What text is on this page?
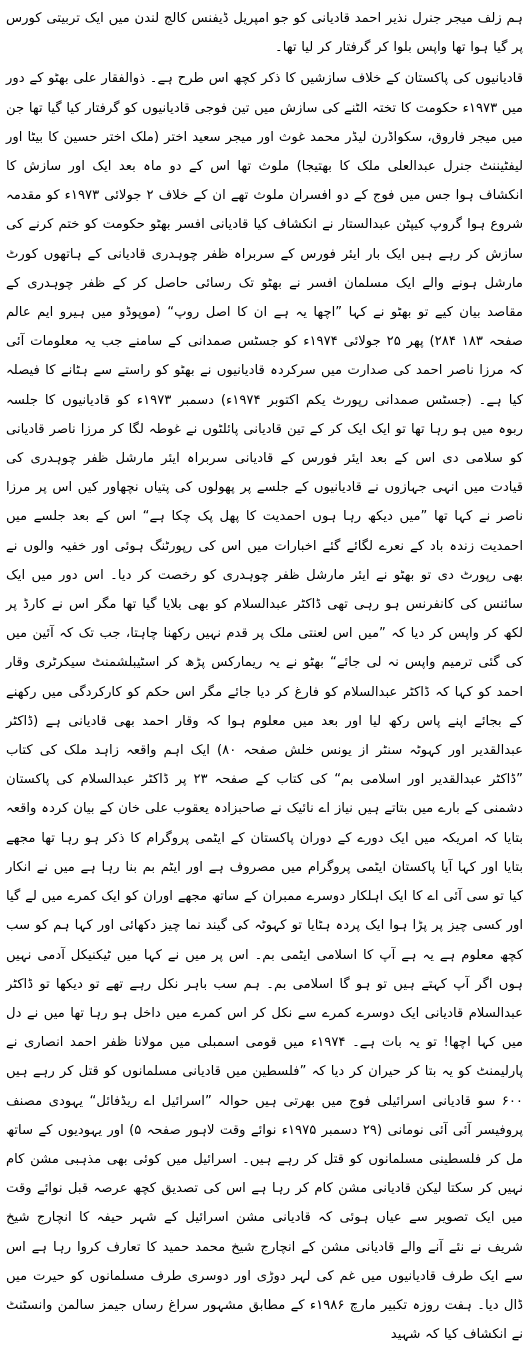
ہم زلف میجر جنرل نذیر احمد قادیانی کو جو امپریل ڈیفنس کالج لندن میں ایک تربیتی کورس پر گیا ہوا تھا واپس بلوا کر گرفتار کر لیا تھا۔

قادیانیوں کی پاکستان کے خلاف سازشیں کا ذکر کچھ اس طرح ہے۔ ذوالفقار علی بھٹو کے دور میں ۱۹۷۳ء حکومت کا تختہ الٹنے کی سازش میں تین فوجی قادیانیوں کو گرفتار کیا گیا تھا جن میں میجر فاروق، سکواڈرن لیڈر محمد غوث اور میجر سعید اختر (ملک اختر حسین کا بیٹا اور لیفٹیننٹ جنرل عبدالعلی ملک کا بھتیجا) ملوث تھا اس کے دو ماہ بعد ایک اور سازش کا انکشاف ہوا جس میں فوج کے دو افسران ملوث تھے ان کے خلاف ۲ جولائی ۱۹۷۳ء کو مقدمہ شروع ہوا گروپ کیپٹن عبدالستار نے انکشاف کیا قادیانی افسر بھٹو حکومت کو ختم کرنے کی سازش کر رہے ہیں ایک بار ایئر فورس کے سربراہ ظفر چوہدری قادیانی کے ہاتھوں کورٹ مارشل ہونے والے ایک مسلمان افسر نے بھٹو تک رسائی حاصل کر کے ظفر چوہدری کے مقاصد بیان کیے تو بھٹو نے کہا ”اچھا یہ ہے ان کا اصل روپ“ (موپوڈو میں ہیرو ایم عالم صفحہ ۱۸۳ ۲۸۴) پھر ۲۵ جولائی ۱۹۷۴ء کو جسٹس صمدانی کے سامنے جب یہ معلومات آئی کہ مرزا ناصر احمد کی صدارت میں سرکردہ قادیانیوں نے بھٹو کو راستے سے ہٹانے کا فیصلہ کیا ہے۔ (جسٹس صمدانی رپورٹ یکم اکتوبر ۱۹۷۴ء) دسمبر ۱۹۷۳ء کو قادیانیوں کا جلسہ ربوہ میں ہو رہا تھا تو ایک ایک کر کے تین قادیانی پائلٹوں نے غوطہ لگا کر مرزا ناصر قادیانی کو سلامی دی اس کے بعد ایئر فورس کے قادیانی سربراہ ایئر مارشل ظفر چوہدری کی قیادت میں انہی جہازوں نے قادیانیوں کے جلسے پر پھولوں کی پتیاں نچھاور کیں اس پر مرزا ناصر نے کہا تھا ”میں دیکھ رہا ہوں احمدیت کا پھل پک چکا ہے“ اس کے بعد جلسے میں احمدیت زندہ باد کے نعرے لگائے گئے اخبارات میں اس کی رپورٹنگ ہوئی اور خفیہ والوں نے بھی رپورٹ دی تو بھٹو نے ایئر مارشل ظفر چوہدری کو رخصت کر دیا۔ اس دور میں ایک سائنس کی کانفرنس ہو رہی تھی ڈاکٹر عبدالسلام کو بھی بلایا گیا تھا مگر اس نے کارڈ پر لکھ کر واپس کر دیا کہ ”میں اس لعنتی ملک پر قدم نہیں رکھنا چاہتا، جب تک کہ آئین میں کی گئی ترمیم واپس نہ لی جائے“ بھٹو نے یہ ریمارکس پڑھ کر اسٹیبلشمنٹ سیکرٹری وقار احمد کو کہا کہ ڈاکٹر عبدالسلام کو فارغ کر دیا جائے مگر اس حکم کو کارکردگی میں رکھنے کے بجائے اپنے پاس رکھ لیا اور بعد میں معلوم ہوا کہ وقار احمد بھی قادیانی ہے (ڈاکٹر عبدالقدیر اور کہوٹہ سنٹر از یونس خلش صفحہ ۸۰) ایک اہم واقعہ زاہد ملک کی کتاب ”ڈاکٹر عبدالقدیر اور اسلامی بم“ کی کتاب کے صفحہ ۲۳ پر ڈاکٹر عبدالسلام کی پاکستان دشمنی کے بارے میں بتاتے ہیں نیاز اے نائیک نے صاحبزادہ یعقوب علی خان کے بیان کردہ واقعہ بتایا کہ امریکہ میں ایک دورے کے دوران پاکستان کے ایٹمی پروگرام کا ذکر ہو رہا تھا مجھے بتایا اور کہا آیا پاکستان ایٹمی پروگرام میں مصروف ہے اور ایٹم بم بنا رہا ہے میں نے انکار کیا تو سی آئی اے کا ایک اہلکار دوسرے ممبران کے ساتھ مجھے اوران کو ایک کمرے میں لے گیا اور کسی چیز پر پڑا ہوا ایک پردہ ہٹایا تو کہوٹہ کی گیند نما چیز دکھائی اور کہا ہم کو سب کچھ معلوم ہے یہ ہے آپ کا اسلامی ایٹمی بم۔ اس پر میں نے کہا میں ٹیکنیکل آدمی نہیں ہوں اگر آپ کہتے ہیں تو ہو گا اسلامی بم۔ ہم سب باہر نکل رہے تھے تو دیکھا تو ڈاکٹر عبدالسلام قادیانی ایک دوسرے کمرے سے نکل کر اس کمرے میں داخل ہو رہا تھا میں نے دل میں کہا اچھا! تو یہ بات ہے۔ ۱۹۷۴ء میں قومی اسمبلی میں مولانا ظفر احمد انصاری نے پارلیمنٹ کو یہ بتا کر حیران کر دیا کہ ”فلسطین میں قادیانی مسلمانوں کو قتل کر رہے ہیں ۶۰۰ سو قادیانی اسرائیلی فوج میں بھرتی ہیں حوالہ ”اسرائیل اے ریڈفائل“ یہودی مصنف پروفیسر آئی آئی نومانی (۲۹ دسمبر ۱۹۷۵ء نوائے وقت لاہور صفحہ ۵) اور یہودیوں کے ساتھ مل کر فلسطینی مسلمانوں کو قتل کر رہے ہیں۔ اسرائیل میں کوئی بھی مذہبی مشن کام نہیں کر سکتا لیکن قادیانی مشن کام کر رہا ہے اس کی تصدیق کچھ عرصہ قبل نوائے وقت میں ایک تصویر سے عیاں ہوئی کہ قادیانی مشن اسرائیل کے شہر حیفہ کا انچارج شیخ شریف نے نئے آنے والے قادیانی مشن کے انچارج شیخ محمد حمید کا تعارف کروا رہا ہے اس سے ایک طرف قادیانیوں میں غم کی لہر دوڑی اور دوسری طرف مسلمانوں کو حیرت میں ڈال دیا۔ ہفت روزہ تکبیر مارچ ۱۹۸۶ء کے مطابق مشہور سراغ رساں جیمز سالمن وانسٹنٹ نے انکشاف کیا کہ شہید
